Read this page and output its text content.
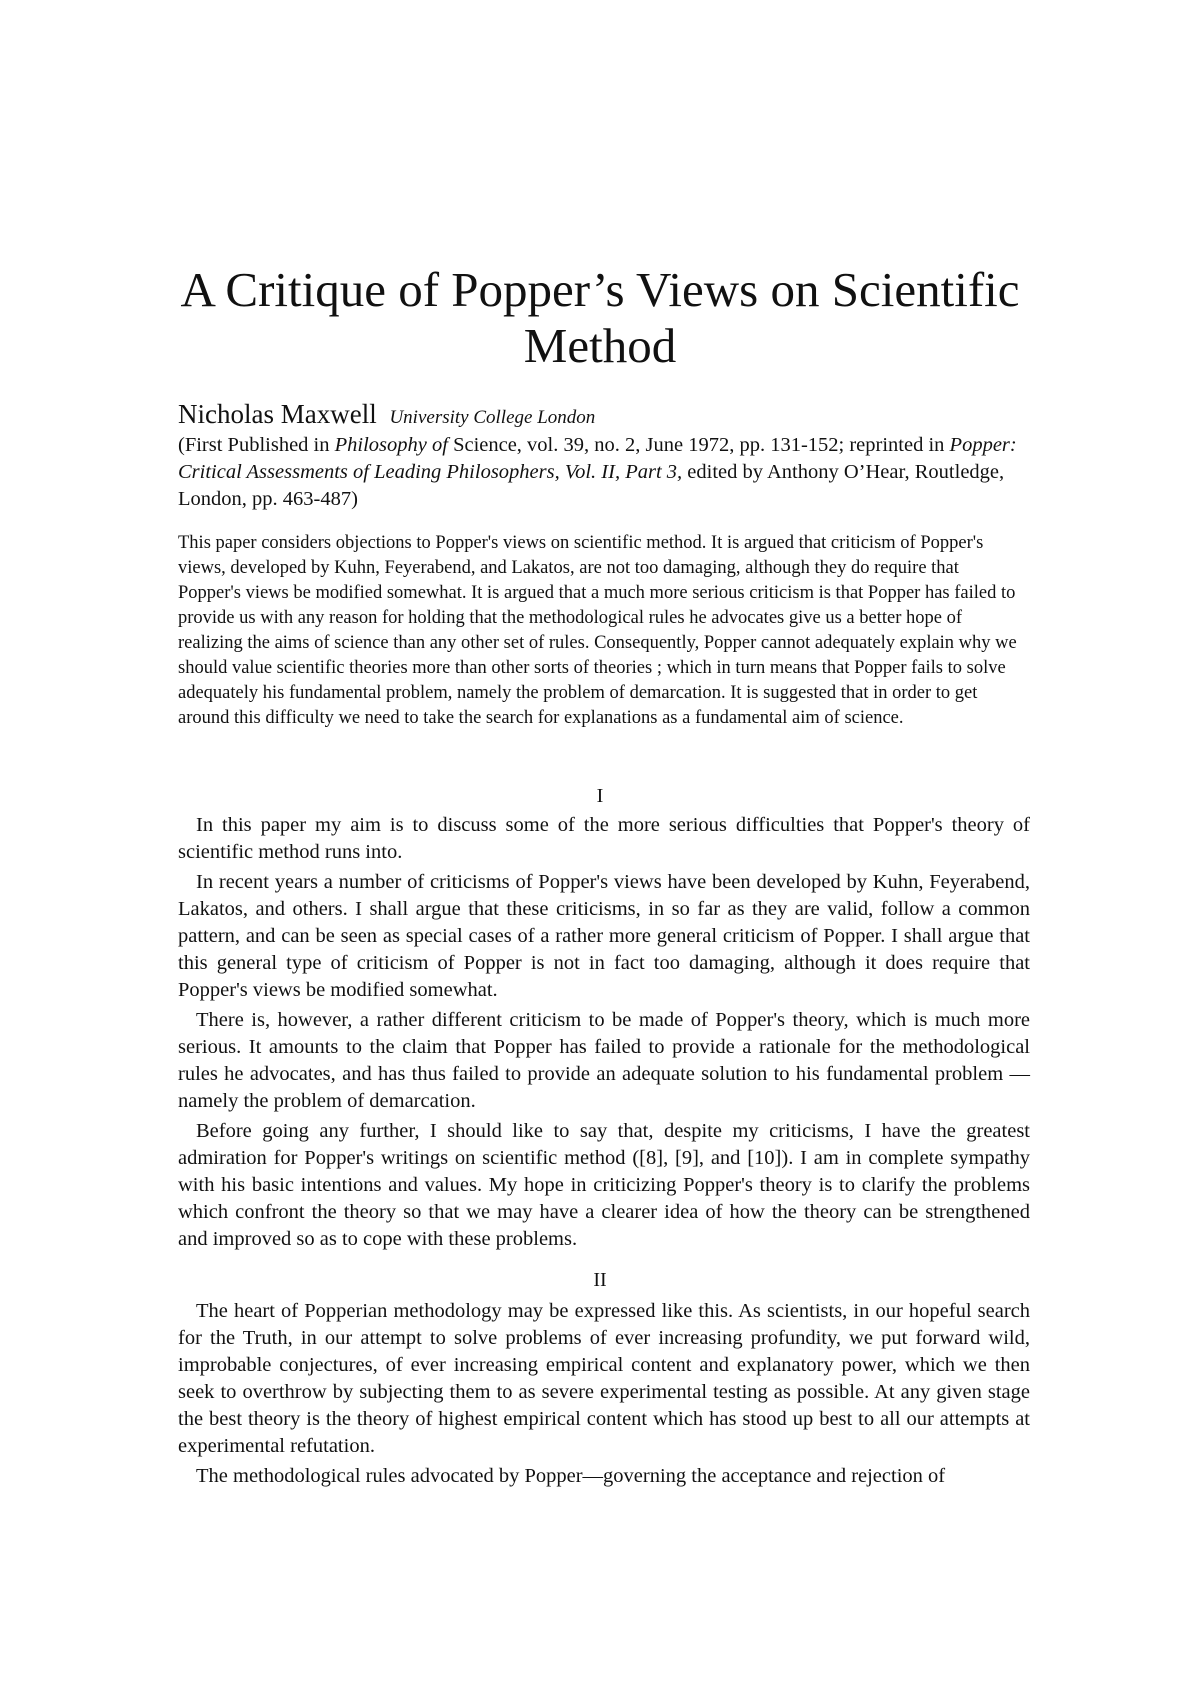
A Critique of Popper’s Views on Scientific Method
Nicholas Maxwell University College London
(First Published in Philosophy of Science, vol. 39, no. 2, June 1972, pp. 131-152; reprinted in Popper: Critical Assessments of Leading Philosophers, Vol. II, Part 3, edited by Anthony O’Hear, Routledge, London, pp. 463-487)

This paper considers objections to Popper's views on scientific method. It is argued that criticism of Popper's views, developed by Kuhn, Feyerabend, and Lakatos, are not too damaging, although they do require that Popper's views be modified somewhat. It is argued that a much more serious criticism is that Popper has failed to provide us with any reason for holding that the methodological rules he advocates give us a better hope of realizing the aims of science than any other set of rules. Consequently, Popper cannot adequately explain why we should value scientific theories more than other sorts of theories ; which in turn means that Popper fails to solve adequately his fundamental problem, namely the problem of demarcation. It is suggested that in order to get around this difficulty we need to take the search for explanations as a fundamental aim of science.

I

In this paper my aim is to discuss some of the more serious difficulties that Popper's theory of scientific method runs into.

In recent years a number of criticisms of Popper's views have been developed by Kuhn, Feyerabend, Lakatos, and others. I shall argue that these criticisms, in so far as they are valid, follow a common pattern, and can be seen as special cases of a rather more general criticism of Popper. I shall argue that this general type of criticism of Popper is not in fact too damaging, although it does require that Popper's views be modified somewhat.

There is, however, a rather different criticism to be made of Popper's theory, which is much more serious. It amounts to the claim that Popper has failed to provide a rationale for the methodological rules he advocates, and has thus failed to provide an adequate solution to his fundamental problem — namely the problem of demarcation.

Before going any further, I should like to say that, despite my criticisms, I have the greatest admiration for Popper's writings on scientific method ([8], [9], and [10]). I am in complete sympathy with his basic intentions and values. My hope in criticizing Popper's theory is to clarify the problems which confront the theory so that we may have a clearer idea of how the theory can be strengthened and improved so as to cope with these problems.

II

The heart of Popperian methodology may be expressed like this. As scientists, in our hopeful search for the Truth, in our attempt to solve problems of ever increasing profundity, we put forward wild, improbable conjectures, of ever increasing empirical content and explanatory power, which we then seek to overthrow by subjecting them to as severe experimental testing as possible. At any given stage the best theory is the theory of highest empirical content which has stood up best to all our attempts at experimental refutation.

The methodological rules advocated by Popper—governing the acceptance and rejection of
